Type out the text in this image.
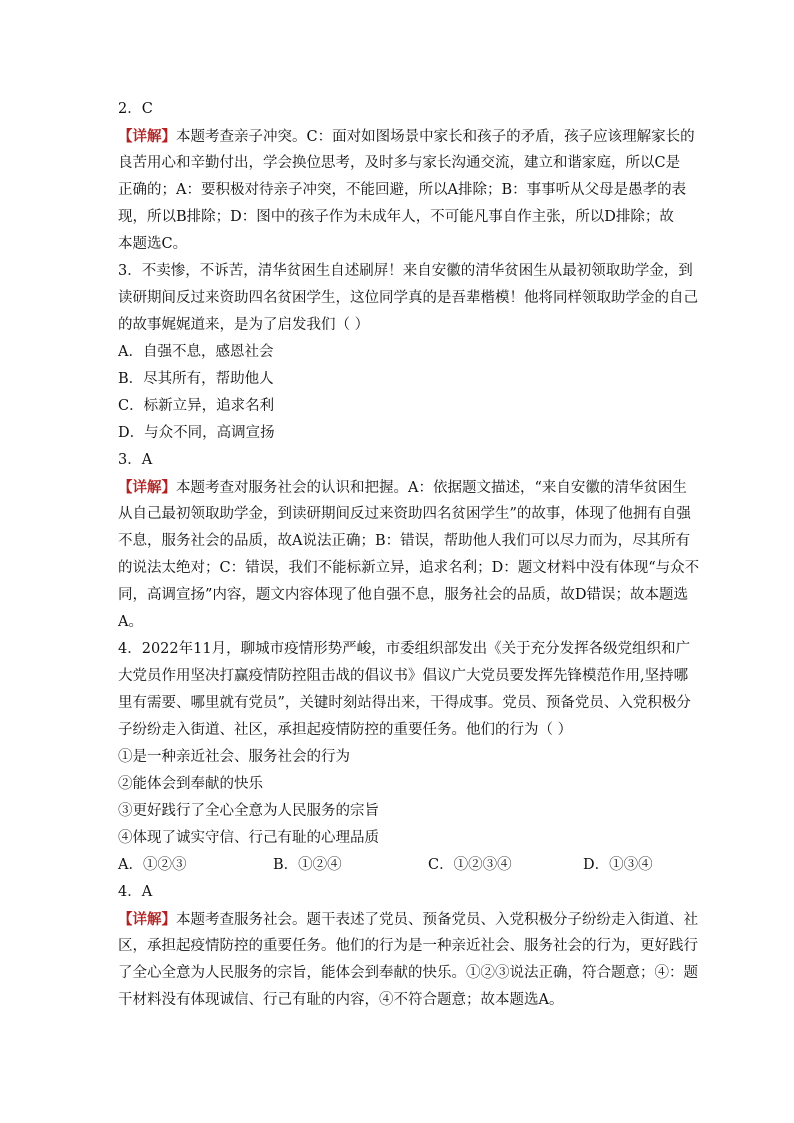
2．C
【详解】本题考查亲子冲突。C：面对如图场景中家长和孩子的矛盾，孩子应该理解家长的
良苦用心和辛勤付出，学会换位思考，及时多与家长沟通交流，建立和谐家庭，所以C是
正确的；A：要积极对待亲子冲突，不能回避，所以A排除；B：事事听从父母是愚孝的表
现，所以B排除；D：图中的孩子作为未成年人，不可能凡事自作主张，所以D排除；故
本题选C。
3．不卖惨，不诉苦，清华贫困生自述刷屏！来自安徽的清华贫困生从最初领取助学金，到
读研期间反过来资助四名贫困学生，这位同学真的是吾辈楷模！他将同样领取助学金的自己
的故事娓娓道来，是为了启发我们（ ）
A．自强不息，感恩社会
B．尽其所有，帮助他人
C．标新立异，追求名利
D．与众不同，高调宣扬
3．A
【详解】本题考查对服务社会的认识和把握。A：依据题文描述，“来自安徽的清华贫困生
从自己最初领取助学金，到读研期间反过来资助四名贫困学生”的故事，体现了他拥有自强
不息，服务社会的品质，故A说法正确；B：错误，帮助他人我们可以尽力而为，尽其所有
的说法太绝对；C：错误，我们不能标新立异，追求名利；D：题文材料中没有体现“与众不
同，高调宣扬”内容，题文内容体现了他自强不息，服务社会的品质，故D错误；故本题选
A。
4．2022年11月，聊城市疫情形势严峻，市委组织部发出《关于充分发挥各级党组织和广
大党员作用坚决打赢疫情防控阻击战的倡议书》倡议广大党员要发挥先锋模范作用,坚持哪
里有需要、哪里就有党员”，关键时刻站得出来，干得成事。党员、预备党员、入党积极分
子纷纷走入街道、社区，承担起疫情防控的重要任务。他们的行为（ ）
①是一种亲近社会、服务社会的行为
②能体会到奉献的快乐
③更好践行了全心全意为人民服务的宗旨
④体现了诚实守信、行己有耻的心理品质
A．①②③	B．①②④	C．①②③④	D．①③④
4．A
【详解】本题考查服务社会。题干表述了党员、预备党员、入党积极分子纷纷走入街道、社
区，承担起疫情防控的重要任务。他们的行为是一种亲近社会、服务社会的行为，更好践行
了全心全意为人民服务的宗旨，能体会到奉献的快乐。①②③说法正确，符合题意；④：题
干材料没有体现诚信、行己有耻的内容，④不符合题意；故本题选A。
